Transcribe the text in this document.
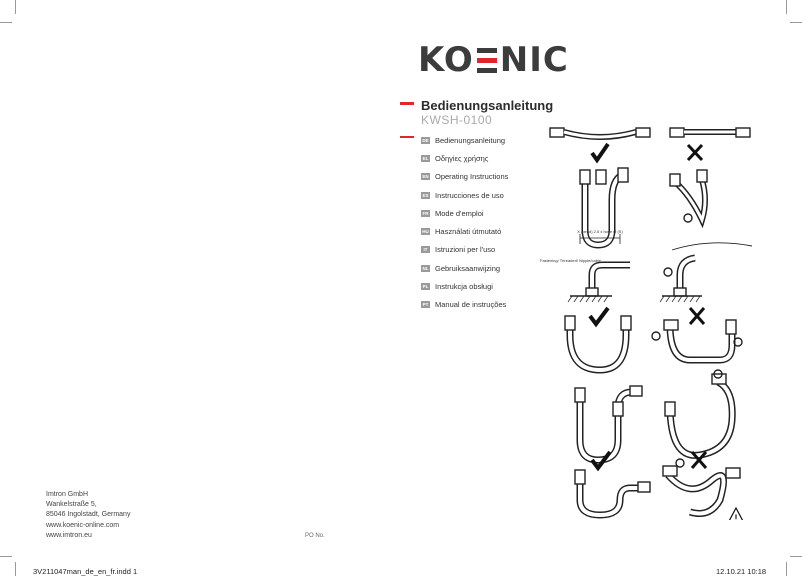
KO NIC
Bedienungsanleitung
KWSH-0100
DE Bedienungsanleitung
EL Οδηγίες χρήσης
EN Operating Instructions
ES Instrucciones de uso
FR Mode d'emploi
HU Használati útmutató
IT	Istruzioni per l'uso
NL Gebruiksaanwijzing
PL Instrukcja obsługi
PT Manual de instruções
Imtron GmbH
Wankelstraße 5,
85046 Ingolstadt, Germany
www.koenic-online.com
www.imtron.eu	PO No.
!
X (bend) 2.5 x hose Ø (S)
Fastening/ Threaded/ Nipple/cable
3V211047man_de_en_fr.indd 1	12.10.21 10:18
